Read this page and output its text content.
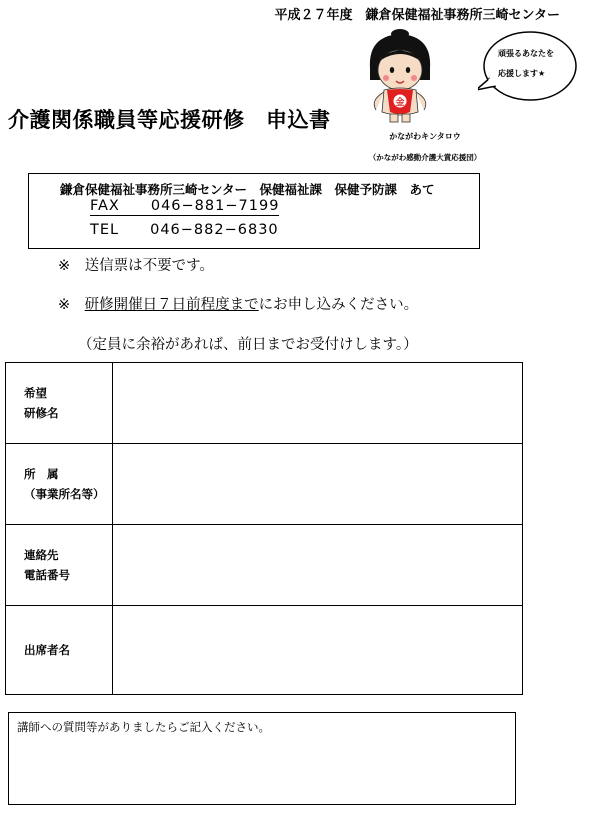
平成２７年度　鎌倉保健福祉事務所三崎センター
金
頑張るあなたを
応援します★
かながわキンタロウ
（かながわ感動介護大賞応援団）
介護関係職員等応援研修　申込書
鎌倉保健福祉事務所三崎センター　保健福祉課　保健予防課　あて
FAX　　046−881−7199
TEL　　046−882−6830
※　送信票は不要です。
※　研修開催日７日前程度までにお申し込みください。
（定員に余裕があれば、前日までお受付けします。）
希望
研修名	

所　属
（事業所名等）	

連絡先
電話番号	

出席者名	

講師への質問等がありましたらご記入ください。
